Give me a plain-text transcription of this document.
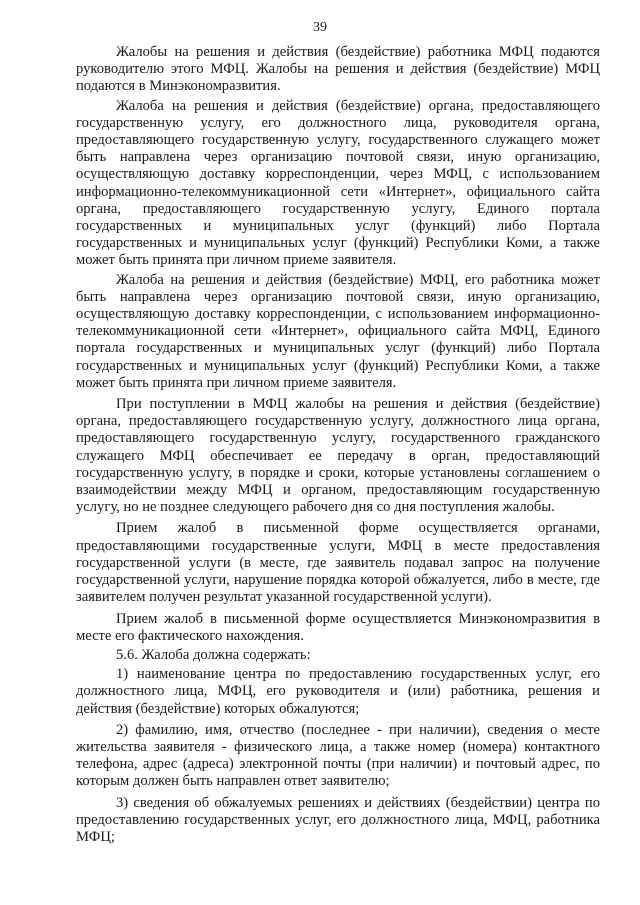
39

Жалобы на решения и действия (бездействие) работника МФЦ подаются руководителю этого МФЦ. Жалобы на решения и действия (бездействие) МФЦ подаются в Минэкономразвития.

Жалоба на решения и действия (бездействие) органа, предоставляющего государственную услугу, его должностного лица, руководителя органа, предоставляющего государственную услугу, государственного служащего может быть направлена через организацию почтовой связи, иную организацию, осуществляющую доставку корреспонденции, через МФЦ, с использованием информационно-телекоммуникационной сети «Интернет», официального сайта органа, предоставляющего государственную услугу, Единого портала государственных и муниципальных услуг (функций) либо Портала государственных и муниципальных услуг (функций) Республики Коми, а также может быть принята при личном приеме заявителя.

Жалоба на решения и действия (бездействие) МФЦ, его работника может быть направлена через организацию почтовой связи, иную организацию, осуществляющую доставку корреспонденции, с использованием информационно-телекоммуникационной сети «Интернет», официального сайта МФЦ, Единого портала государственных и муниципальных услуг (функций) либо Портала государственных и муниципальных услуг (функций) Республики Коми, а также может быть принята при личном приеме заявителя.

При поступлении в МФЦ жалобы на решения и действия (бездействие) органа, предоставляющего государственную услугу, должностного лица органа, предоставляющего государственную услугу, государственного гражданского служащего МФЦ обеспечивает ее передачу в орган, предоставляющий государственную услугу, в порядке и сроки, которые установлены соглашением о взаимодействии между МФЦ и органом, предоставляющим государственную услугу, но не позднее следующего рабочего дня со дня поступления жалобы.

Прием жалоб в письменной форме осуществляется органами, предоставляющими государственные услуги, МФЦ в месте предоставления государственной услуги (в месте, где заявитель подавал запрос на получение государственной услуги, нарушение порядка которой обжалуется, либо в месте, где заявителем получен результат указанной государственной услуги).

Прием жалоб в письменной форме осуществляется Минэкономразвития в месте его фактического нахождения.

5.6. Жалоба должна содержать:

1) наименование центра по предоставлению государственных услуг, его должностного лица, МФЦ, его руководителя и (или) работника, решения и действия (бездействие) которых обжалуются;

2) фамилию, имя, отчество (последнее - при наличии), сведения о месте жительства заявителя - физического лица, а также номер (номера) контактного телефона, адрес (адреса) электронной почты (при наличии) и почтовый адрес, по которым должен быть направлен ответ заявителю;

3) сведения об обжалуемых решениях и действиях (бездействии) центра по предоставлению государственных услуг, его должностного лица, МФЦ, работника МФЦ;
